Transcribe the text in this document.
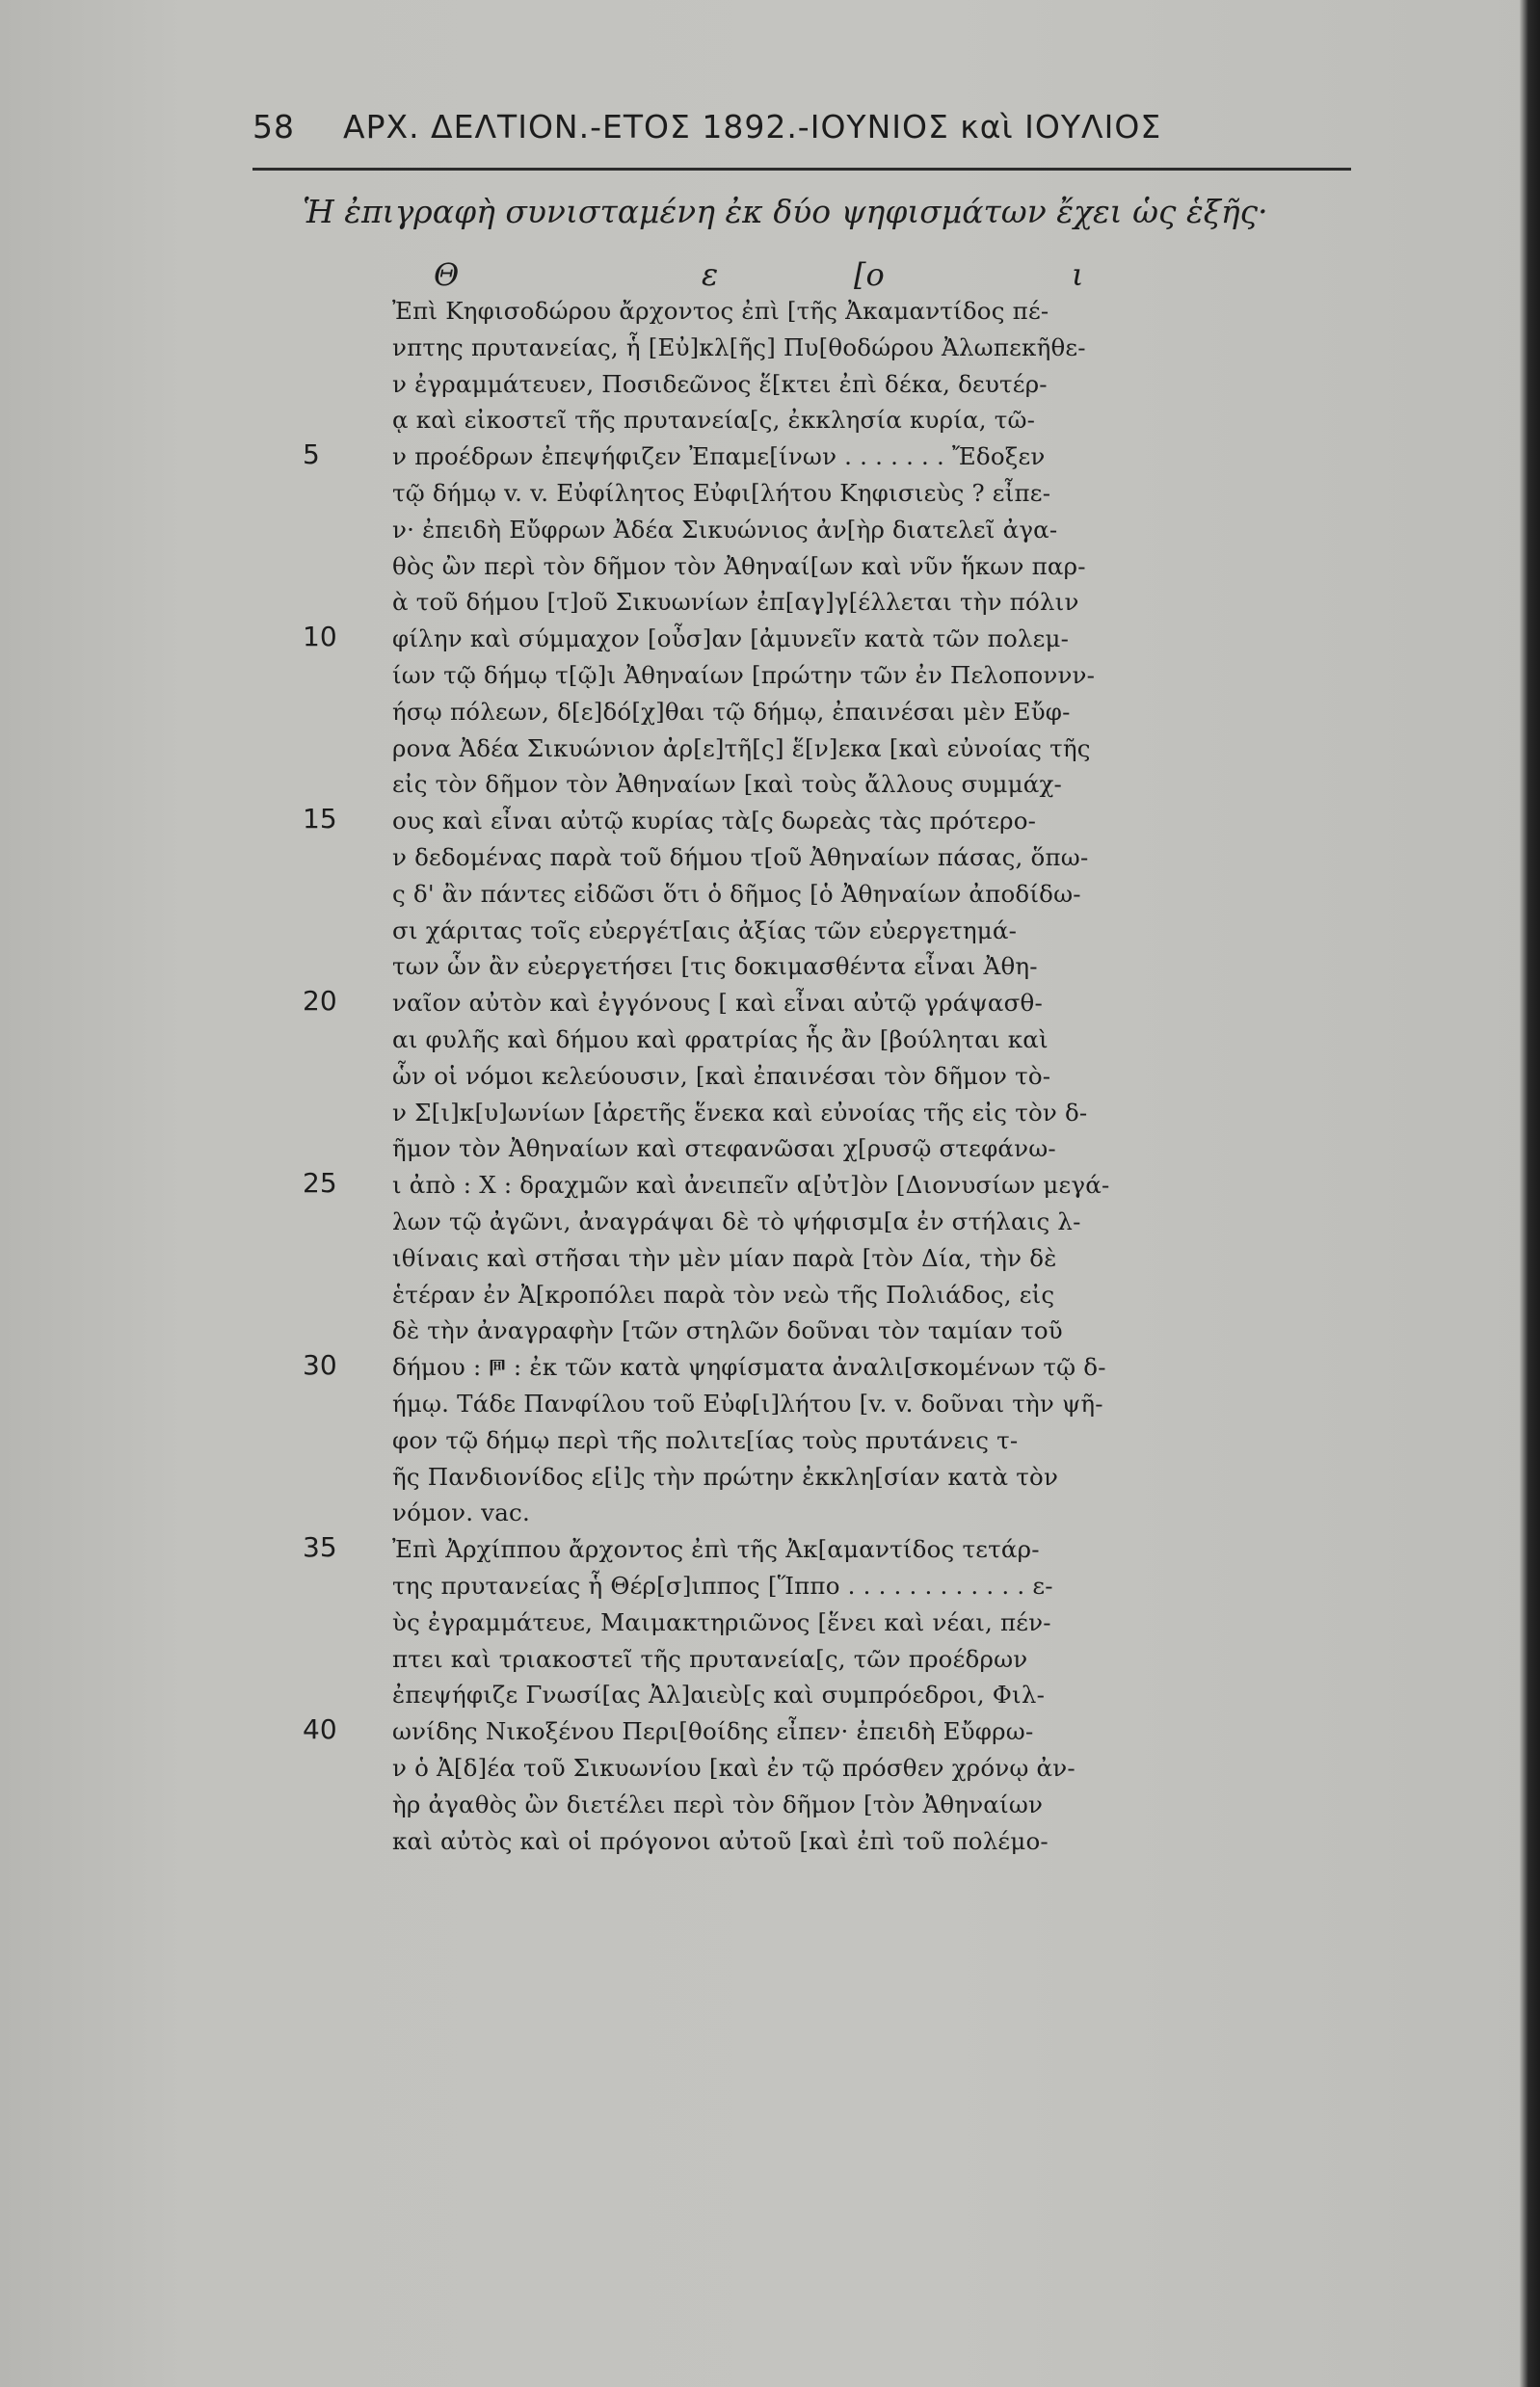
58 ΑΡΧ. ΔΕΛΤΙΟΝ.-ΕΤΟΣ 1892.-ΙΟΥΝΙΟΣ καὶ ΙΟΥΛΙΟΣ
Ἡ ἐπιγραφὴ συνισταμένη ἐκ δύο ψηφισμάτων ἔχει ὡς ἑξῆς·
Θ	ε	[ο	ι
Ἐπὶ Κηφισοδώρου ἄρχοντος ἐπὶ [τῆς Ἀκαμαντίδος πέ-
νπτης πρυτανείας, ἧ [Εὐ]κλ[ῆς] Πυ[θοδώρου Ἀλωπεκῆθε-
ν ἐγραμμάτευεν, Ποσιδεῶνος ἕ[κτει ἐπὶ δέκα, δευτέρ-
ᾳ καὶ εἰκοστεῖ τῆς πρυτανεία[ς, ἐκκλησία κυρία, τῶ-
ν προέδρων ἐπεψήφιζεν Ἐπαμε[ίνων . . . . . . . Ἔδοξεν
τῷ δήμῳ v. v. Εὐφίλητος Εὐφι[λήτου Κηφισιεὺς ? εἶπε-
ν· ἐπειδὴ Εὔφρων Ἀδέα Σικυώνιος ἀν[ὴρ διατελεῖ ἀγα-
θὸς ὢν περὶ τὸν δῆμον τὸν Ἀθηναί[ων καὶ νῦν ἥκων παρ-
ὰ τοῦ δήμου [τ]οῦ Σικυωνίων ἐπ[αγ]γ[έλλεται τὴν πόλιν
φίλην καὶ σύμμαχον [οὖσ]αν [ἀμυνεῖν κατὰ τῶν πολεμ-
ίων τῷ δήμῳ τ[ῷ]ι Ἀθηναίων [πρώτην τῶν ἐν Πελοποννν-
ήσῳ πόλεων, δ[ε]δό[χ]θαι τῷ δήμῳ, ἐπαινέσαι μὲν Εὔφ-
ρονα Ἀδέα Σικυώνιον ἀρ[ε]τῆ[ς] ἕ[ν]εκα [καὶ εὐνοίας τῆς
εἰς τὸν δῆμον τὸν Ἀθηναίων [καὶ τοὺς ἄλλους συμμάχ-
ους καὶ εἶναι αὐτῷ κυρίας τὰ[ς δωρεὰς τὰς πρότερο-
ν δεδομένας παρὰ τοῦ δήμου τ[οῦ Ἀθηναίων πάσας, ὅπω-
ς δ' ἂν πάντες εἰδῶσι ὅτι ὁ δῆμος [ὁ Ἀθηναίων ἀποδίδω-
σι χάριτας τοῖς εὐεργέτ[αις ἀξίας τῶν εὐεργετημά-
των ὧν ἂν εὐεργετήσει [τις δοκιμασθέντα εἶναι Ἀθη-
ναῖον αὐτὸν καὶ ἐγγόνους [ καὶ εἶναι αὐτῷ γράψασθ-
αι φυλῆς καὶ δήμου καὶ φρατρίας ἧς ἂν [βούληται καὶ
ὧν οἱ νόμοι κελεύουσιν, [καὶ ἐπαινέσαι τὸν δῆμον τὸ-
ν Σ[ι]κ[υ]ωνίων [ἀρετῆς ἕνεκα καὶ εὐνοίας τῆς εἰς τὸν δ-
ῆμον τὸν Ἀθηναίων καὶ στεφανῶσαι χ[ρυσῷ στεφάνω-
ι ἀπὸ : Χ : δραχμῶν καὶ ἀνειπεῖν α[ὐτ]ὸν [Διονυσίων μεγά-
λων τῷ ἀγῶνι, ἀναγράψαι δὲ τὸ ψήφισμ[α ἐν στήλαις λ-
ιθίναις καὶ στῆσαι τὴν μὲν μίαν παρὰ [τὸν Δία, τὴν δὲ
ἑτέραν ἐν Ἀ[κροπόλει παρὰ τὸν νεὼ τῆς Πολιάδος, εἰς
δὲ τὴν ἀναγραφὴν [τῶν στηλῶν δοῦναι τὸν ταμίαν τοῦ
δήμου : 𐅅 : ἐκ τῶν κατὰ ψηφίσματα ἀναλι[σκομένων τῷ δ-
ήμῳ. Τάδε Πανφίλου τοῦ Εὐφ[ι]λήτου [v. v. δοῦναι τὴν ψῆ-
φον τῷ δήμῳ περὶ τῆς πολιτε[ίας τοὺς πρυτάνεις τ-
ῆς Πανδιονίδος ε[ἰ]ς τὴν πρώτην ἐκκλη[σίαν κατὰ τὸν
νόμον. vac.
Ἐπὶ Ἀρχίππου ἄρχοντος ἐπὶ τῆς Ἀκ[αμαντίδος τετάρ-
της πρυτανείας ἧ Θέρ[σ]ιππος [Ἵππο . . . . . . . . . . . . ε-
ὺς ἐγραμμάτευε, Μαιμακτηριῶνος [ἕνει καὶ νέαι, πέν-
πτει καὶ τριακοστεῖ τῆς πρυτανεία[ς, τῶν προέδρων
ἐπεψήφιζε Γνωσί[ας Ἀλ]αιεὺ[ς καὶ συμπρόεδροι, Φιλ-
ωνίδης Νικοξένου Περι[θοίδης εἶπεν· ἐπειδὴ Εὔφρω-
ν ὁ Ἀ[δ]έα τοῦ Σικυωνίου [καὶ ἐν τῷ πρόσθεν χρόνῳ ἀν-
ὴρ ἀγαθὸς ὢν διετέλει περὶ τὸν δῆμον [τὸν Ἀθηναίων
καὶ αὐτὸς καὶ οἱ πρόγονοι αὐτοῦ [καὶ ἐπὶ τοῦ πολέμο-
5
10
15
20
25
30
35
40
